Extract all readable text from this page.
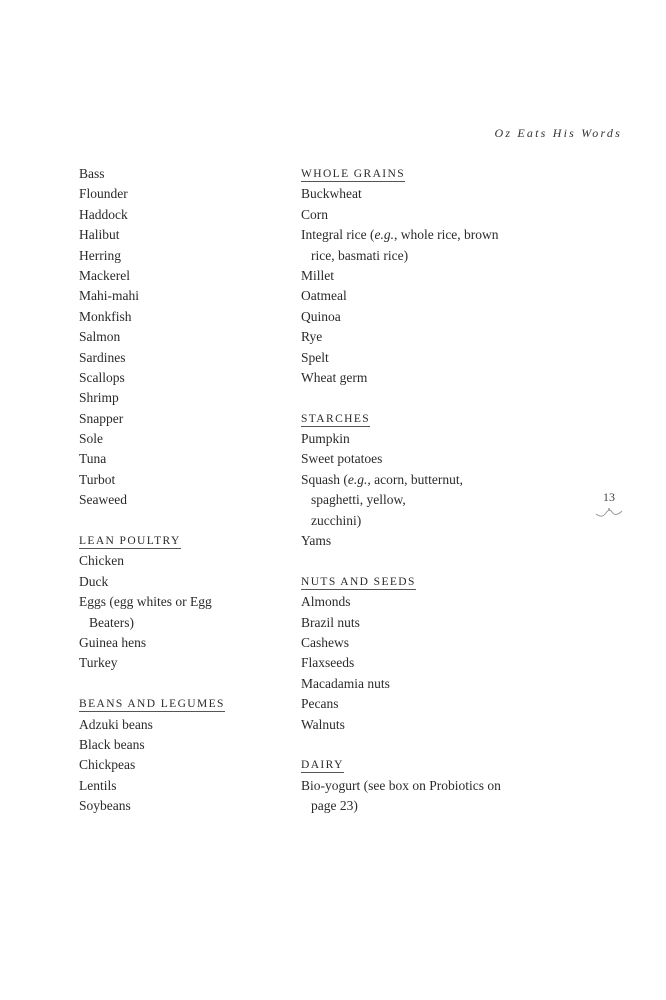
Oz Eats His Words
Bass
Flounder
Haddock
Halibut
Herring
Mackerel
Mahi-mahi
Monkfish
Salmon
Sardines
Scallops
Shrimp
Snapper
Sole
Tuna
Turbot
Seaweed
LEAN POULTRY
Chicken
Duck
Eggs (egg whites or Egg
Beaters)
Guinea hens
Turkey
BEANS AND LEGUMES
Adzuki beans
Black beans
Chickpeas
Lentils
Soybeans
WHOLE GRAINS
Buckwheat
Corn
Integral rice (e.g., whole rice, brown
rice, basmati rice)
Millet
Oatmeal
Quinoa
Rye
Spelt
Wheat germ
STARCHES
Pumpkin
Sweet potatoes
Squash (e.g., acorn, butternut,
spaghetti, yellow,
zucchini)
Yams
NUTS AND SEEDS
Almonds
Brazil nuts
Cashews
Flaxseeds
Macadamia nuts
Pecans
Walnuts
DAIRY
Bio-yogurt (see box on Probiotics on
page 23)
13
